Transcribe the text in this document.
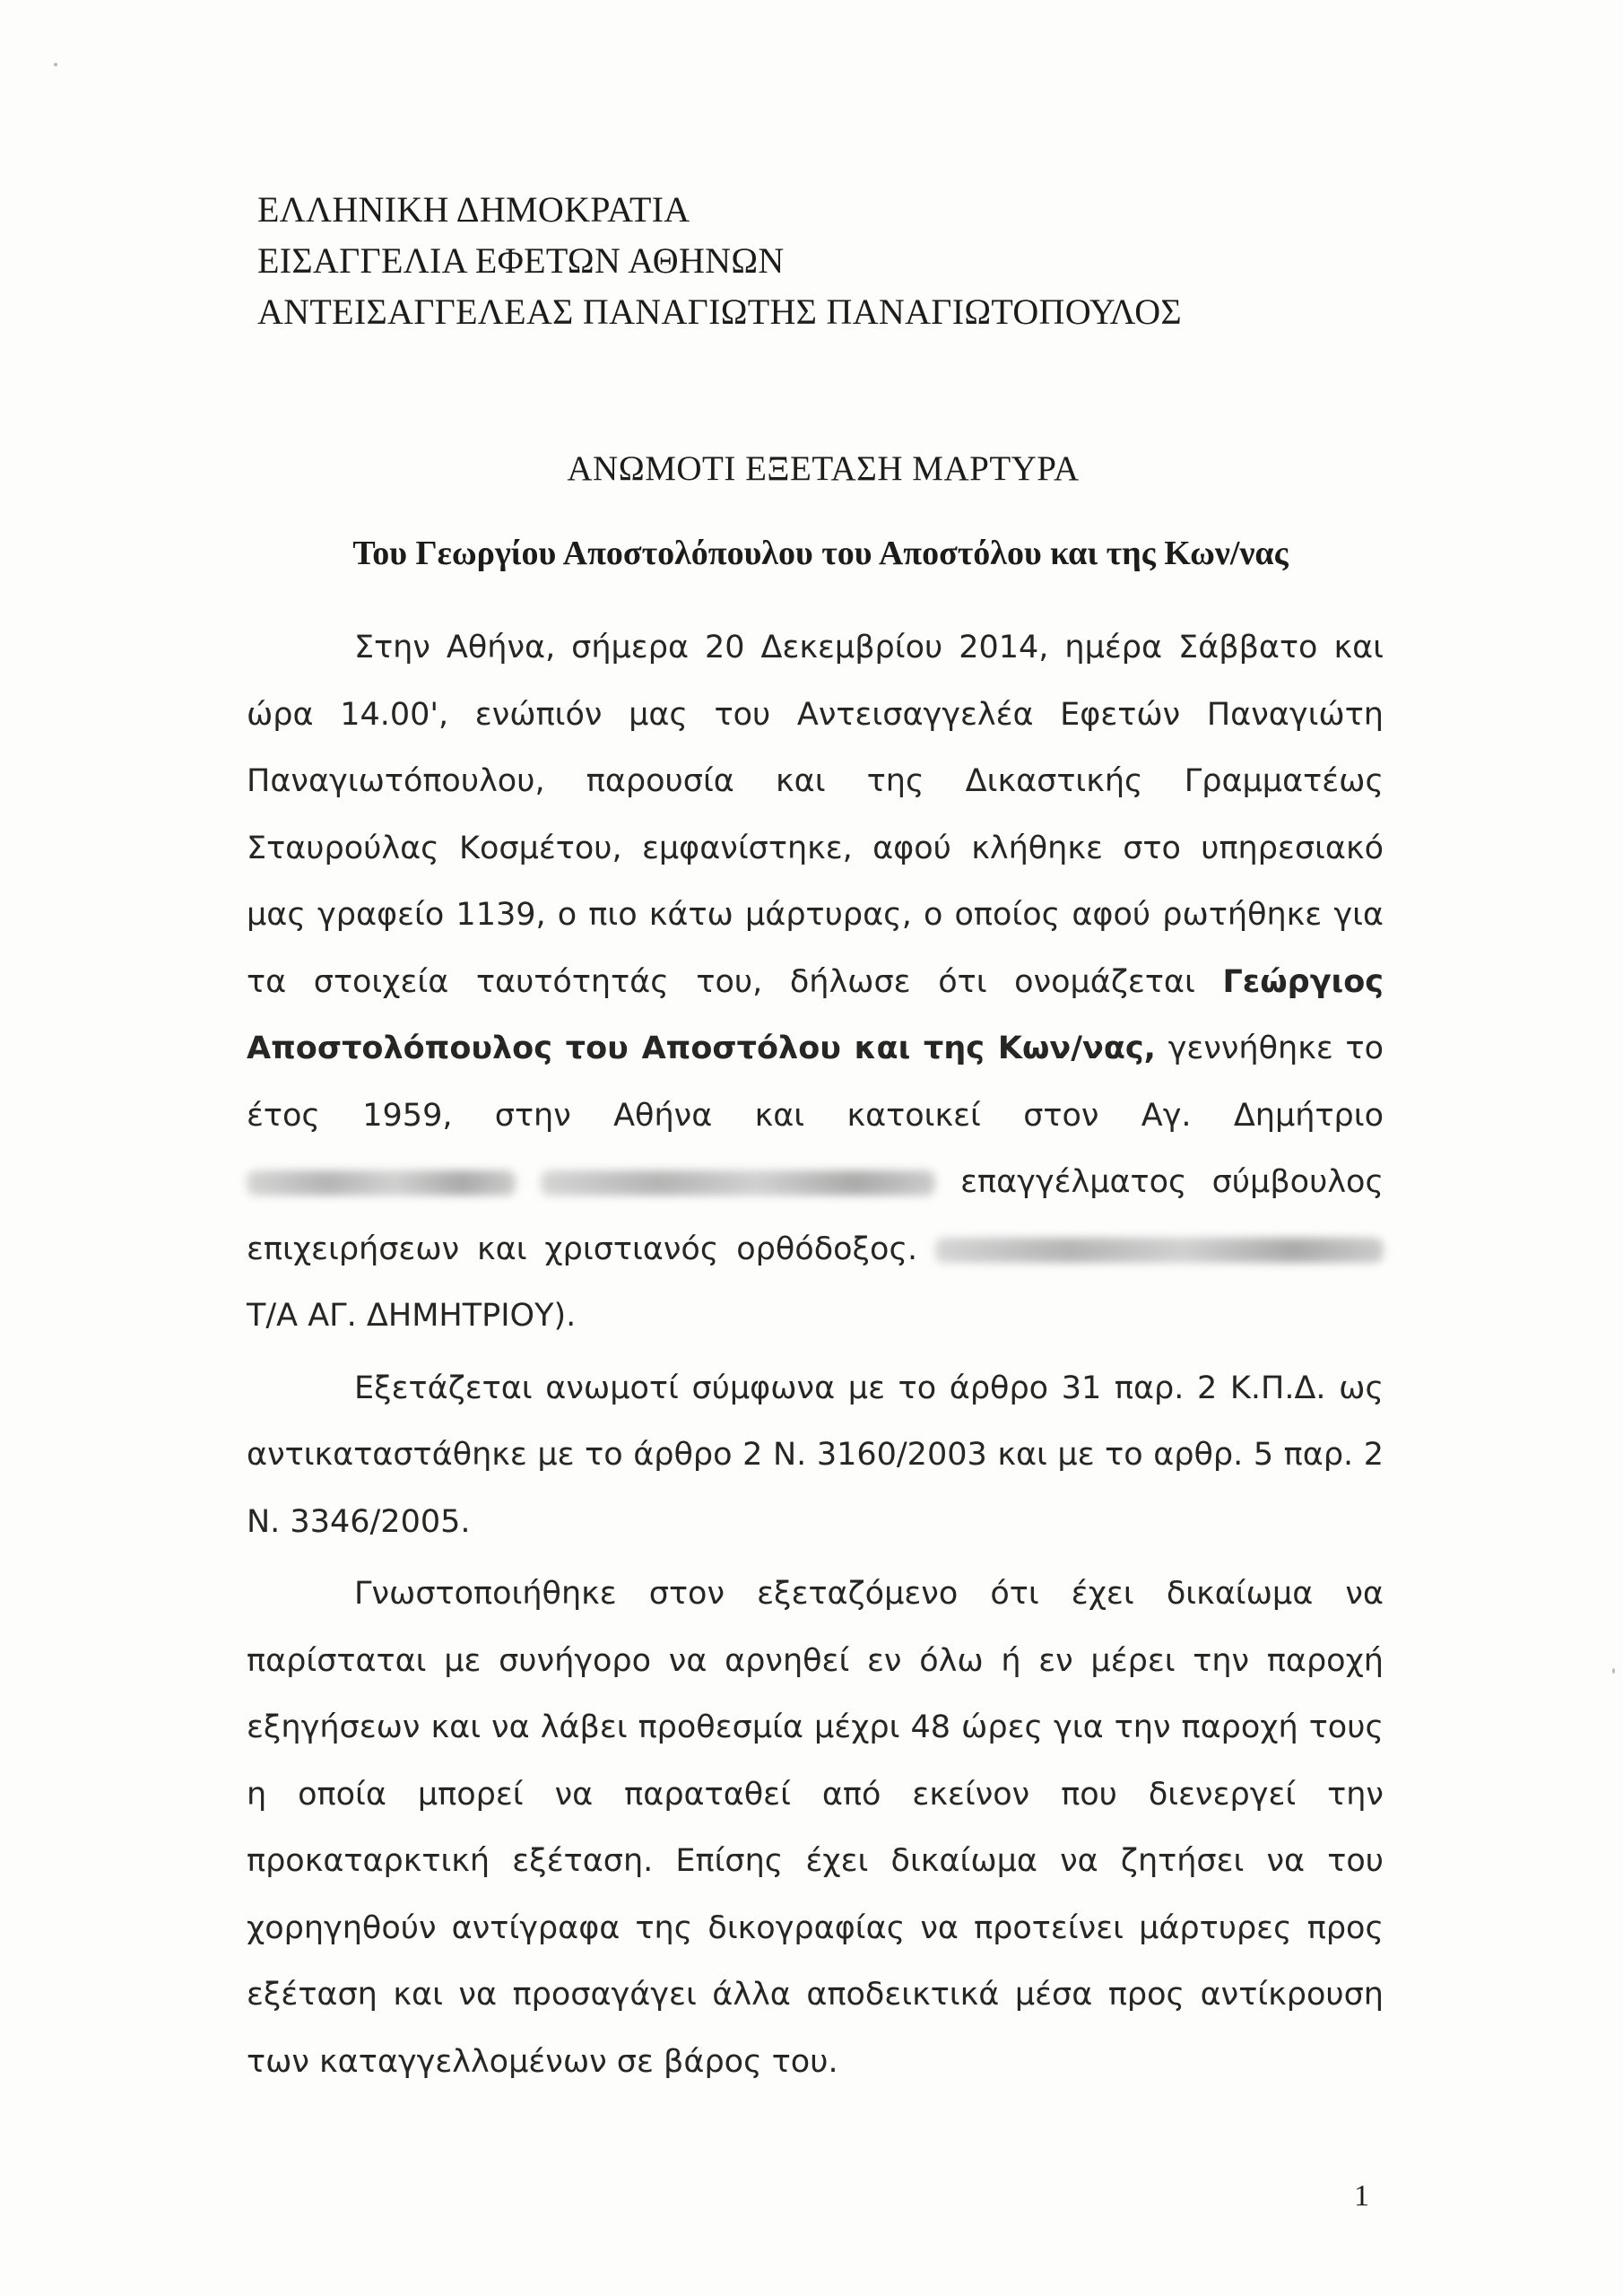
ΕΛΛΗΝΙΚΗ ΔΗΜΟΚΡΑΤΙΑ
ΕΙΣΑΓΓΕΛΙΑ ΕΦΕΤΩΝ ΑΘΗΝΩΝ
ΑΝΤΕΙΣΑΓΓΕΛΕΑΣ ΠΑΝΑΓΙΩΤΗΣ ΠΑΝΑΓΙΩΤΟΠΟΥΛΟΣ
ΑΝΩΜΟΤΙ ΕΞΕΤΑΣΗ ΜΑΡΤΥΡΑ
Του Γεωργίου Αποστολόπουλου του Αποστόλου και της Κων/νας

Στην Αθήνα, σήμερα 20 Δεκεμβρίου 2014, ημέρα Σάββατο και ώρα 14.00', ενώπιόν μας του Αντεισαγγελέα Εφετών Παναγιώτη Παναγιωτόπουλου, παρουσία και της Δικαστικής Γραμματέως Σταυρούλας Κοσμέτου, εμφανίστηκε, αφού κλήθηκε στο υπηρεσιακό μας γραφείο 1139, ο πιο κάτω μάρτυρας, ο οποίος αφού ρωτήθηκε για τα στοιχεία ταυτότητάς του, δήλωσε ότι ονομάζεται Γεώργιος Αποστολόπουλος του Αποστόλου και της Κων/νας, γεννήθηκε το έτος 1959, στην Αθήνα και κατοικεί στον Αγ. Δημήτριο   επαγγέλματος σύμβουλος επιχειρήσεων και χριστιανός ορθόδοξος.  Τ/Α ΑΓ. ΔΗΜΗΤΡΙΟΥ).

Εξετάζεται ανωμοτί σύμφωνα με το άρθρο 31 παρ. 2 Κ.Π.Δ. ως αντικαταστάθηκε με το άρθρο 2 Ν. 3160/2003 και με το αρθρ. 5 παρ. 2 Ν. 3346/2005.

Γνωστοποιήθηκε στον εξεταζόμενο ότι έχει δικαίωμα να παρίσταται με συνήγορο να αρνηθεί εν όλω ή εν μέρει την παροχή εξηγήσεων και να λάβει προθεσμία μέχρι 48 ώρες για την παροχή τους η οποία μπορεί να παραταθεί από εκείνον που διενεργεί την προκαταρκτική εξέταση. Επίσης έχει δικαίωμα να ζητήσει να του χορηγηθούν αντίγραφα της δικογραφίας να προτείνει μάρτυρες προς εξέταση και να προσαγάγει άλλα αποδεικτικά μέσα προς αντίκρουση των καταγγελλομένων σε βάρος του.

1
